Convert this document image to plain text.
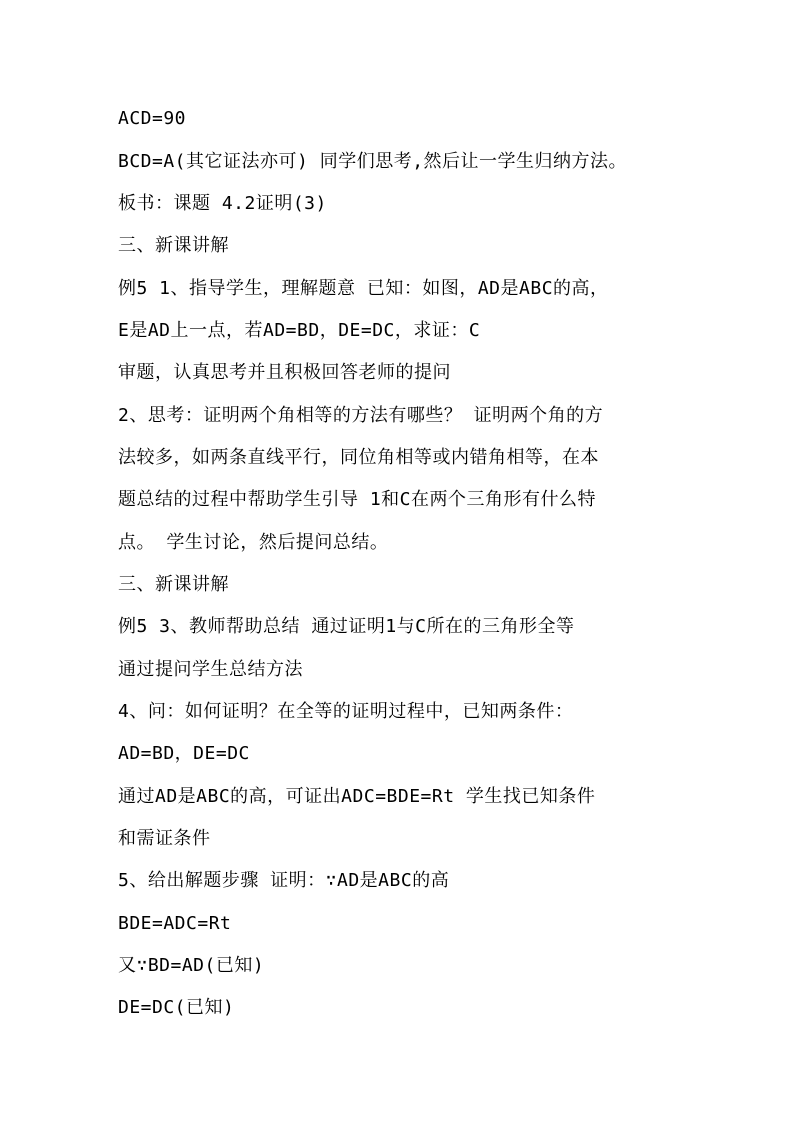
ACD=90
BCD=A(其它证法亦可) 同学们思考,然后让一学生归纳方法。
板书：课题 4.2证明(3)
三、新课讲解
例5 1、指导学生，理解题意 已知：如图，AD是ABC的高，
E是AD上一点，若AD=BD，DE=DC，求证：C
审题，认真思考并且积极回答老师的提问
2、思考：证明两个角相等的方法有哪些？ 证明两个角的方
法较多，如两条直线平行，同位角相等或内错角相等，在本
题总结的过程中帮助学生引导 1和C在两个三角形有什么特
点。 学生讨论，然后提问总结。
三、新课讲解
例5 3、教师帮助总结 通过证明1与C所在的三角形全等
通过提问学生总结方法
4、问：如何证明？在全等的证明过程中，已知两条件：
AD=BD，DE=DC
通过AD是ABC的高，可证出ADC=BDE=Rt 学生找已知条件
和需证条件
5、给出解题步骤 证明：∵AD是ABC的高
BDE=ADC=Rt
又∵BD=AD(已知)
DE=DC(已知)
